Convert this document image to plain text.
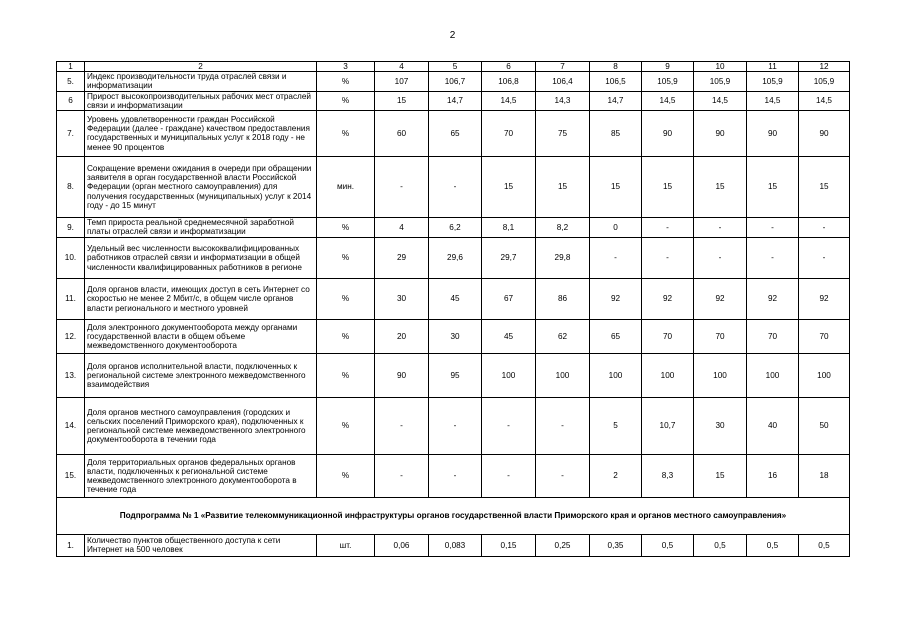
2
1	2	3	4	5	6	7	8	9	10	11	12
5.	Индекс производительности труда отраслей связи и информатизации	%	107	106,7	106,8	106,4	106,5	105,9	105,9	105,9	105,9
6	Прирост высокопроизводительных рабочих мест отраслей связи и информатизации	%	15	14,7	14,5	14,3	14,7	14,5	14,5	14,5	14,5
7.	Уровень удовлетворенности граждан Российской Федерации (далее - граждане) качеством предоставления государственных и муниципальных услуг к 2018 году - не менее 90 процентов	%	60	65	70	75	85	90	90	90	90
8.	Сокращение времени ожидания в очереди при обращении заявителя в орган государственной власти Российской Федерации (орган местного самоуправления) для получения государственных (муниципальных) услуг к 2014 году - до 15 минут	мин.	-	-	15	15	15	15	15	15	15
9.	Темп прироста реальной среднемесячной заработной платы отраслей связи и информатизации	%	4	6,2	8,1	8,2	0	-	-	-	-
10.	Удельный вес численности высококвалифицированных работников отраслей связи и информатизации в общей численности квалифицированных работников в регионе	%	29	29,6	29,7	29,8	-	-	-	-	-
11.	Доля органов власти, имеющих доступ в сеть Интернет со скоростью не менее 2 Мбит/с, в общем числе органов власти регионального и местного уровней	%	30	45	67	86	92	92	92	92	92
12.	Доля электронного документооборота между органами государственной власти в общем объеме межведомственного документооборота	%	20	30	45	62	65	70	70	70	70
13.	Доля органов исполнительной власти, подключенных к региональной системе электронного межведомственного взаимодействия	%	90	95	100	100	100	100	100	100	100
14.	Доля органов местного самоуправления (городских и сельских поселений Приморского края), подключенных к региональной системе межведомственного электронного документооборота в течении года	%	-	-	-	-	5	10,7	30	40	50
15.	Доля территориальных органов федеральных органов власти, подключенных к региональной системе межведомственного электронного документооборота в течение года	%	-	-	-	-	2	8,3	15	16	18
Подпрограмма № 1 «Развитие телекоммуникационной инфраструктуры органов государственной власти Приморского края и органов местного самоуправления»											
1.	Количество пунктов общественного доступа к сети Интернет на 500 человек	шт.	0,06	0,083	0,15	0,25	0,35	0,5	0,5	0,5	0,5
